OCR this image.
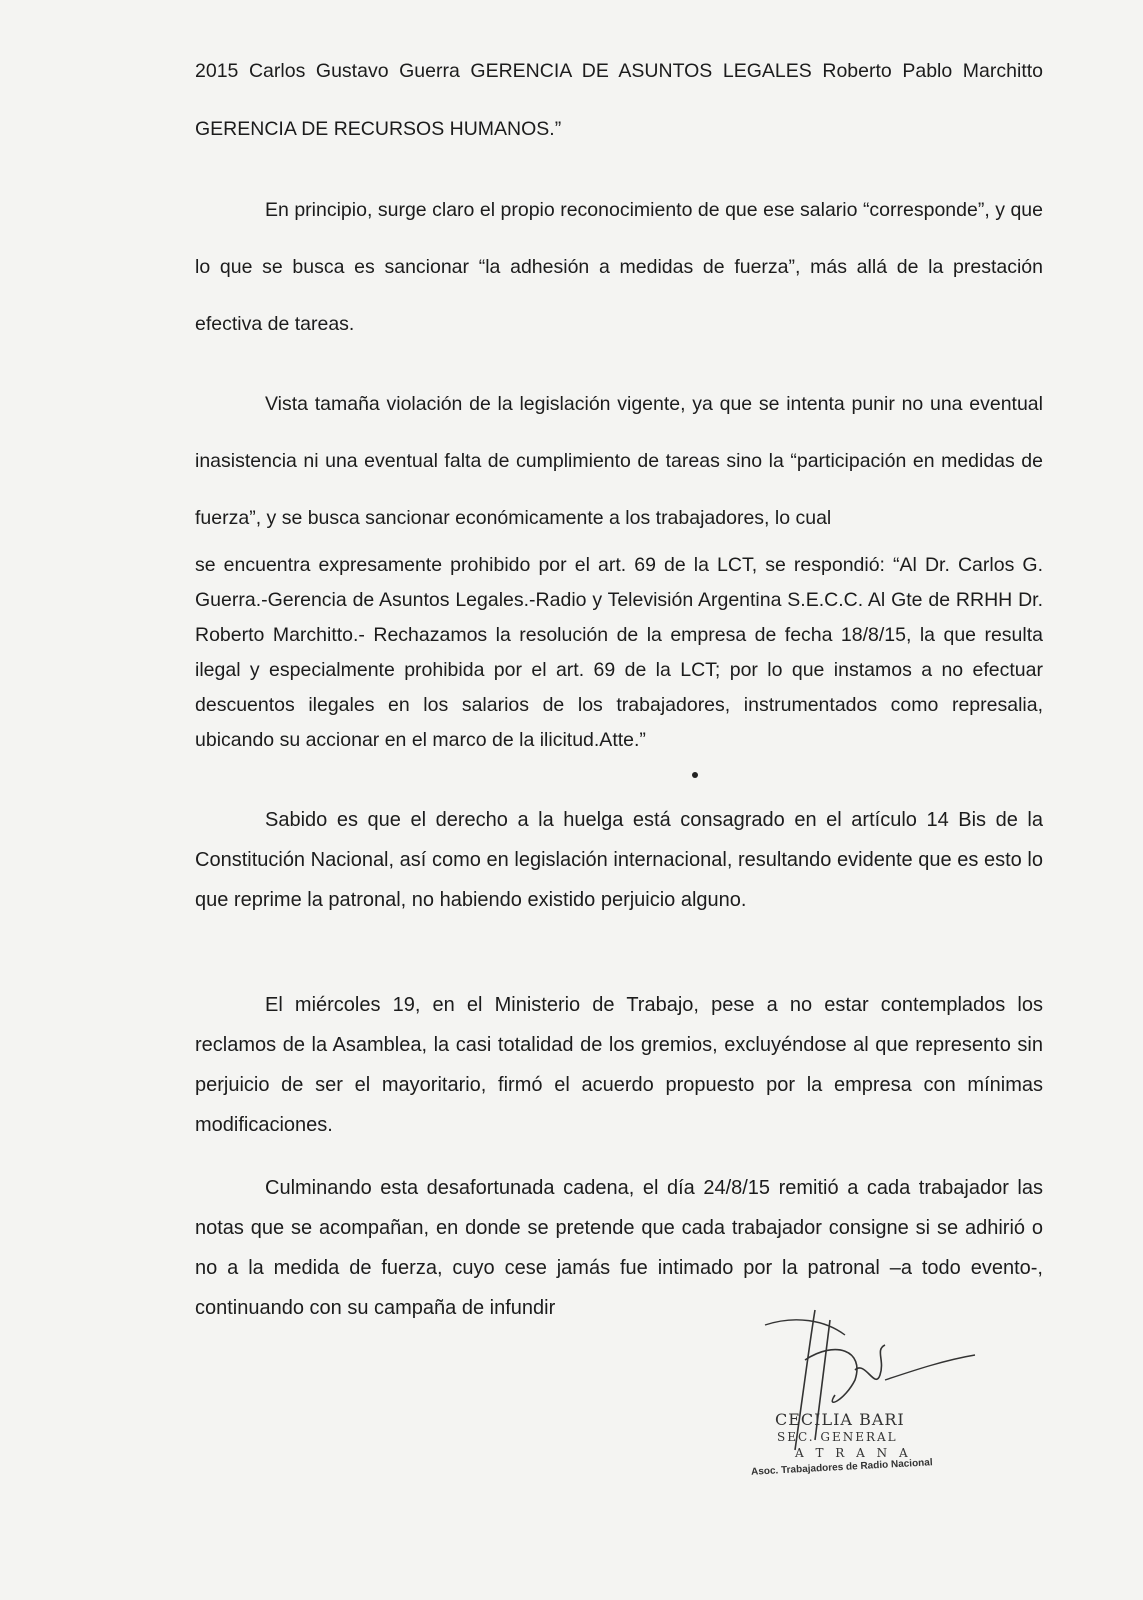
2015 Carlos Gustavo Guerra GERENCIA DE ASUNTOS LEGALES Roberto Pablo Marchitto GERENCIA DE RECURSOS HUMANOS.”

En principio, surge claro el propio reconocimiento de que ese salario “corresponde”, y que lo que se busca es sancionar “la adhesión a medidas de fuerza”, más allá de la prestación efectiva de tareas.

Vista tamaña violación de la legislación vigente, ya que se intenta punir no una eventual inasistencia ni una eventual falta de cumplimiento de tareas sino la “participación en medidas de fuerza”, y se busca sancionar económicamente a los trabajadores, lo cual

se encuentra expresamente prohibido por el art. 69 de la LCT, se respondió: “Al Dr. Carlos G. Guerra.-Gerencia de Asuntos Legales.-Radio y Televisión Argentina S.E.C.C. Al Gte de RRHH Dr. Roberto Marchitto.- Rechazamos la resolución de la empresa de fecha 18/8/15, la que resulta ilegal y especialmente prohibida por el art. 69 de la LCT; por lo que instamos a no efectuar descuentos ilegales en los salarios de los trabajadores, instrumentados como represalia, ubicando su accionar en el marco de la ilicitud.Atte.”

Sabido es que el derecho a la huelga está consagrado en el artículo 14 Bis de la Constitución Nacional, así como en legislación internacional, resultando evidente que es esto lo que reprime la patronal, no habiendo existido perjuicio alguno.

El miércoles 19, en el Ministerio de Trabajo, pese a no estar contemplados los reclamos de la Asamblea, la casi totalidad de los gremios, excluyéndose al que represento sin perjuicio de ser el mayoritario, firmó el acuerdo propuesto por la empresa con mínimas modificaciones.

Culminando esta desafortunada cadena, el día 24/8/15 remitió a cada trabajador las notas que se acompañan, en donde se pretende que cada trabajador consigne si se adhirió o no a la medida de fuerza, cuyo cese jamás fue intimado por la patronal –a todo evento-, continuando con su campaña de infundir

CECILIA BARI
SEC. GENERAL
A T R A N A
Asoc. Trabajadores de Radio Nacional
